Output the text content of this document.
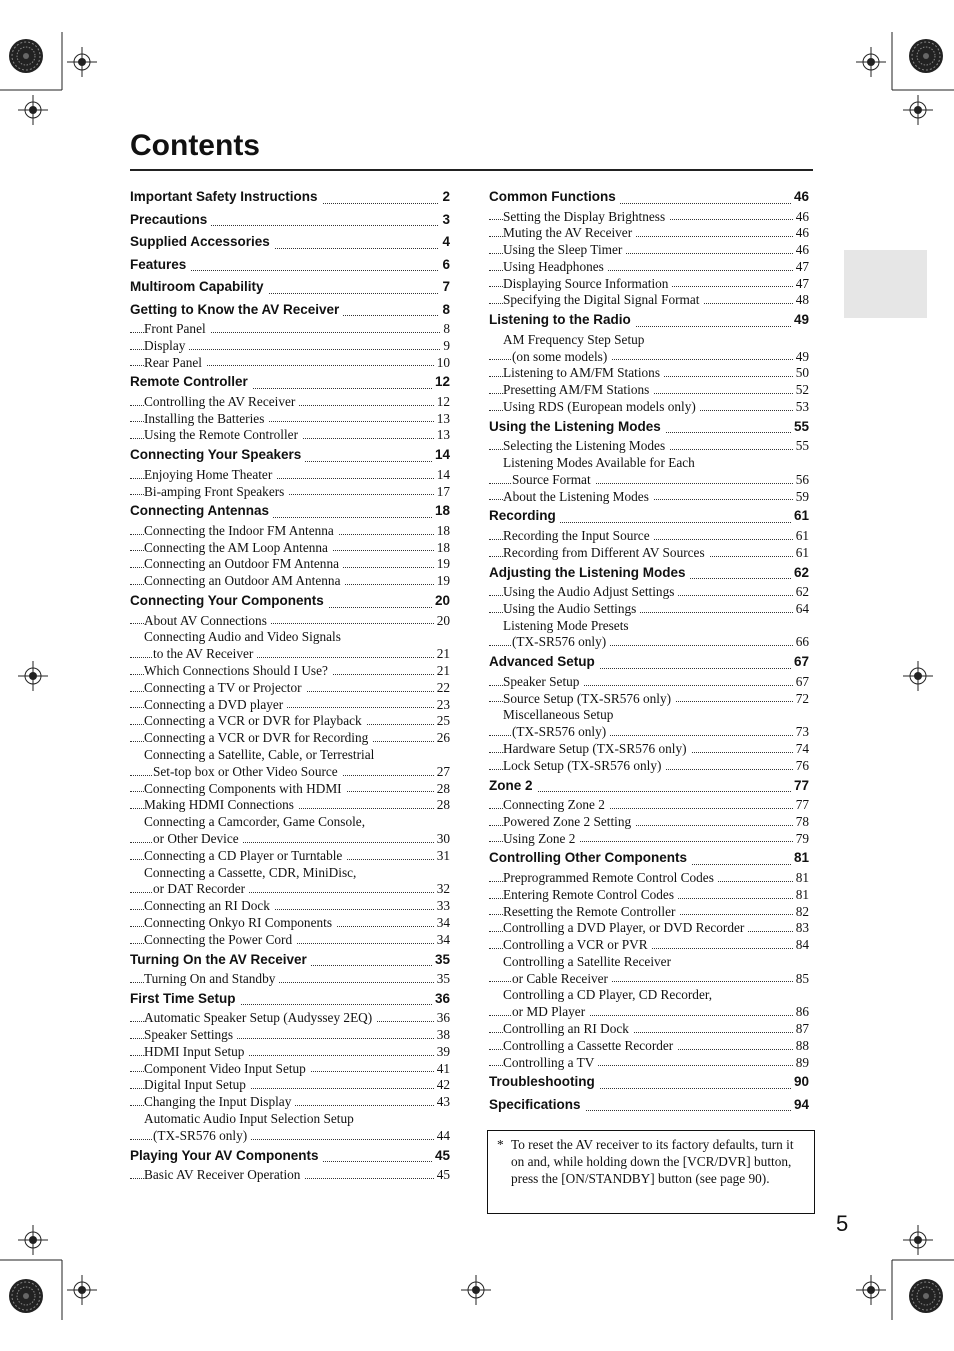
Contents
Important Safety Instructions	2
Precautions	3
Supplied Accessories	4
Features	6
Multiroom Capability	7
Getting to Know the AV Receiver	8
Front Panel	8
Display	9
Rear Panel	10
Remote Controller	12
Controlling the AV Receiver	12
Installing the Batteries	13
Using the Remote Controller	13
Connecting Your Speakers	14
Enjoying Home Theater	14
Bi-amping Front Speakers	17
Connecting Antennas	18
Connecting the Indoor FM Antenna	18
Connecting the AM Loop Antenna	18
Connecting an Outdoor FM Antenna	19
Connecting an Outdoor AM Antenna	19
Connecting Your Components	20
About AV Connections	20
Connecting Audio and Video Signals
to the AV Receiver	21
Which Connections Should I Use?	21
Connecting a TV or Projector	22
Connecting a DVD player	23
Connecting a VCR or DVR for Playback	25
Connecting a VCR or DVR for Recording	26
Connecting a Satellite, Cable, or Terrestrial
Set-top box or Other Video Source	27
Connecting Components with HDMI	28
Making HDMI Connections	28
Connecting a Camcorder, Game Console,
or Other Device	30
Connecting a CD Player or Turntable	31
Connecting a Cassette, CDR, MiniDisc,
or DAT Recorder	32
Connecting an RI Dock	33
Connecting Onkyo RI Components	34
Connecting the Power Cord	34
Turning On the AV Receiver	35
Turning On and Standby	35
First Time Setup	36
Automatic Speaker Setup (Audyssey 2EQ)	36
Speaker Settings	38
HDMI Input Setup	39
Component Video Input Setup	41
Digital Input Setup	42
Changing the Input Display	43
Automatic Audio Input Selection Setup
(TX-SR576 only)	44
Playing Your AV Components	45
Basic AV Receiver Operation	45
Common Functions	46
Setting the Display Brightness	46
Muting the AV Receiver	46
Using the Sleep Timer	46
Using Headphones	47
Displaying Source Information	47
Specifying the Digital Signal Format	48
Listening to the Radio	49
AM Frequency Step Setup
(on some models)	49
Listening to AM/FM Stations	50
Presetting AM/FM Stations	52
Using RDS (European models only)	53
Using the Listening Modes	55
Selecting the Listening Modes	55
Listening Modes Available for Each
Source Format	56
About the Listening Modes	59
Recording	61
Recording the Input Source	61
Recording from Different AV Sources	61
Adjusting the Listening Modes	62
Using the Audio Adjust Settings	62
Using the Audio Settings	64
Listening Mode Presets
(TX-SR576 only)	66
Advanced Setup	67
Speaker Setup	67
Source Setup (TX-SR576 only)	72
Miscellaneous Setup
(TX-SR576 only)	73
Hardware Setup (TX-SR576 only)	74
Lock Setup (TX-SR576 only)	76
Zone 2	77
Connecting Zone 2	77
Powered Zone 2 Setting	78
Using Zone 2	79
Controlling Other Components	81
Preprogrammed Remote Control Codes	81
Entering Remote Control Codes	81
Resetting the Remote Controller	82
Controlling a DVD Player, or DVD Recorder	83
Controlling a VCR or PVR	84
Controlling a Satellite Receiver
or Cable Receiver	85
Controlling a CD Player, CD Recorder,
or MD Player	86
Controlling an RI Dock	87
Controlling a Cassette Recorder	88
Controlling a TV	89
Troubleshooting	90
Specifications	94
* To reset the AV receiver to its factory defaults, turn it on and, while holding down the [VCR/DVR] button, press the [ON/STANDBY] button (see page 90).
5
